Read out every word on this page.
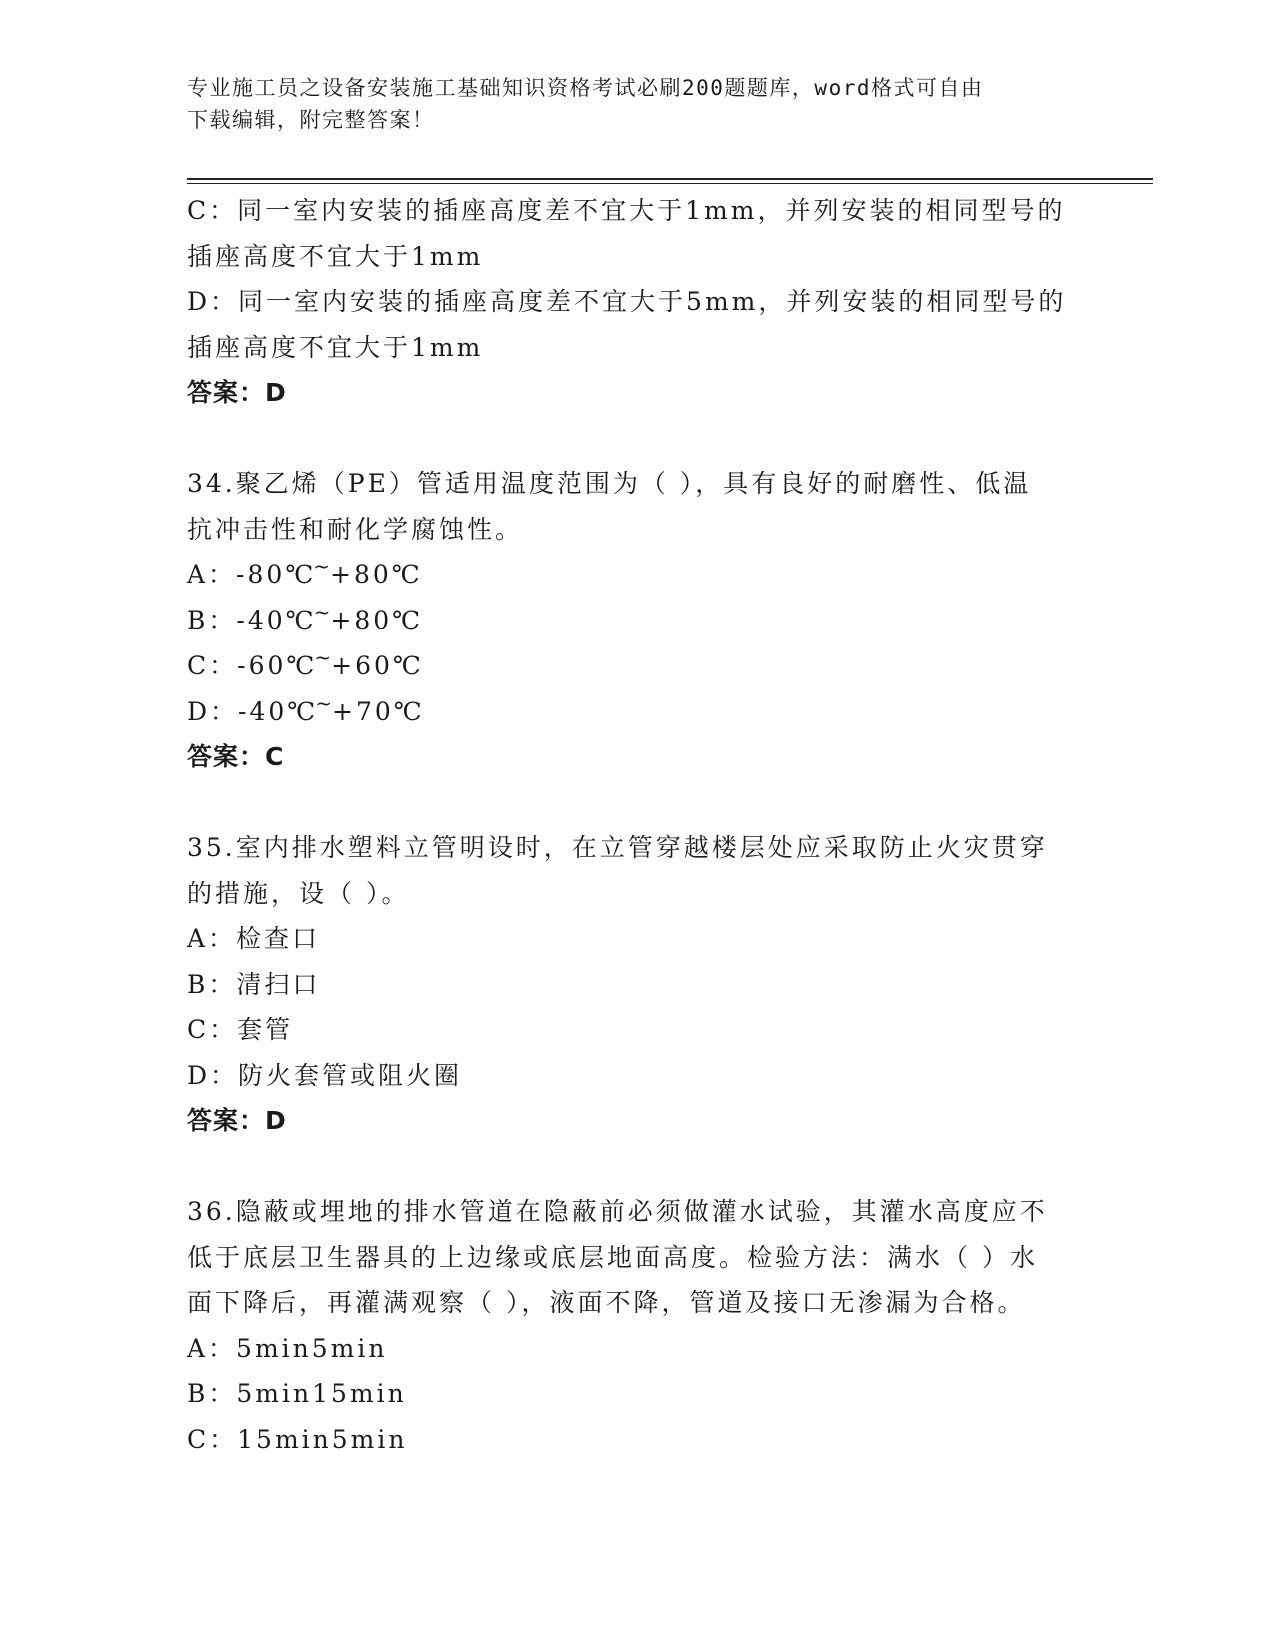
专业施工员之设备安装施工基础知识资格考试必刷200题题库，word格式可自由
下载编辑，附完整答案！
C：同一室内安装的插座高度差不宜大于1mm，并列安装的相同型号的
插座高度不宜大于1mm
D：同一室内安装的插座高度差不宜大于5mm，并列安装的相同型号的
插座高度不宜大于1mm
答案：D
34.聚乙烯（PE）管适用温度范围为（ ），具有良好的耐磨性、低温
抗冲击性和耐化学腐蚀性。
A：-80℃~+80℃
B：-40℃~+80℃
C：-60℃~+60℃
D：-40℃~+70℃
答案：C
35.室内排水塑料立管明设时，在立管穿越楼层处应采取防止火灾贯穿
的措施，设（ ）。
A：检查口
B：清扫口
C：套管
D：防火套管或阻火圈
答案：D
36.隐蔽或埋地的排水管道在隐蔽前必须做灌水试验，其灌水高度应不
低于底层卫生器具的上边缘或底层地面高度。检验方法：满水（ ）水
面下降后，再灌满观察（ ），液面不降，管道及接口无渗漏为合格。
A：5min5min
B：5min15min
C：15min5min
